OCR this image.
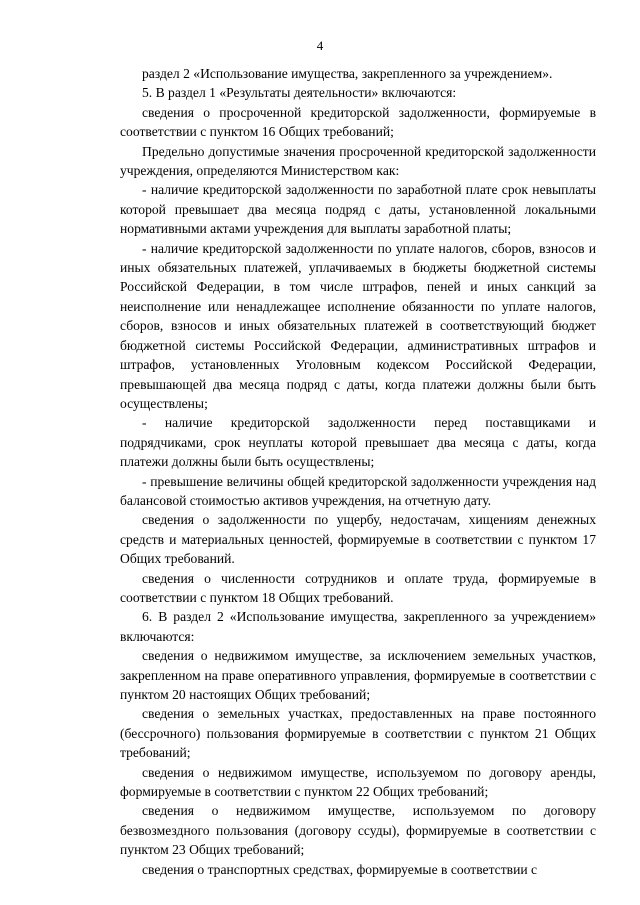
4

раздел 2 «Использование имущества, закрепленного за учреждением».

5. В раздел 1 «Результаты деятельности» включаются:

сведения о просроченной кредиторской задолженности, формируемые в соответствии с пунктом 16 Общих требований;

Предельно допустимые значения просроченной кредиторской задолженности учреждения, определяются Министерством как:

- наличие кредиторской задолженности по заработной плате срок невыплаты которой превышает два месяца подряд с даты, установленной локальными нормативными актами учреждения для выплаты заработной платы;

- наличие кредиторской задолженности по уплате налогов, сборов, взносов и иных обязательных платежей, уплачиваемых в бюджеты бюджетной системы Российской Федерации, в том числе штрафов, пеней и иных санкций за неисполнение или ненадлежащее исполнение обязанности по уплате налогов, сборов, взносов и иных обязательных платежей в соответствующий бюджет бюджетной системы Российской Федерации, административных штрафов и штрафов, установленных Уголовным кодексом Российской Федерации, превышающей два месяца подряд с даты, когда платежи должны были быть осуществлены;

- наличие кредиторской задолженности перед поставщиками и подрядчиками, срок неуплаты которой превышает два месяца с даты, когда платежи должны были быть осуществлены;

- превышение величины общей кредиторской задолженности учреждения над балансовой стоимостью активов учреждения, на отчетную дату.

сведения о задолженности по ущербу, недостачам, хищениям денежных средств и материальных ценностей, формируемые в соответствии с пунктом 17 Общих требований.

сведения о численности сотрудников и оплате труда, формируемые в соответствии с пунктом 18 Общих требований.

6. В раздел 2 «Использование имущества, закрепленного за учреждением» включаются:

сведения о недвижимом имуществе, за исключением земельных участков, закрепленном на праве оперативного управления, формируемые в соответствии с пунктом 20 настоящих Общих требований;

сведения о земельных участках, предоставленных на праве постоянного (бессрочного) пользования формируемые в соответствии с пунктом 21 Общих требований;

сведения о недвижимом имуществе, используемом по договору аренды, формируемые в соответствии с пунктом 22 Общих требований;

сведения о недвижимом имуществе, используемом по договору безвозмездного пользования (договору ссуды), формируемые в соответствии с пунктом 23 Общих требований;

сведения о транспортных средствах, формируемые в соответствии с
